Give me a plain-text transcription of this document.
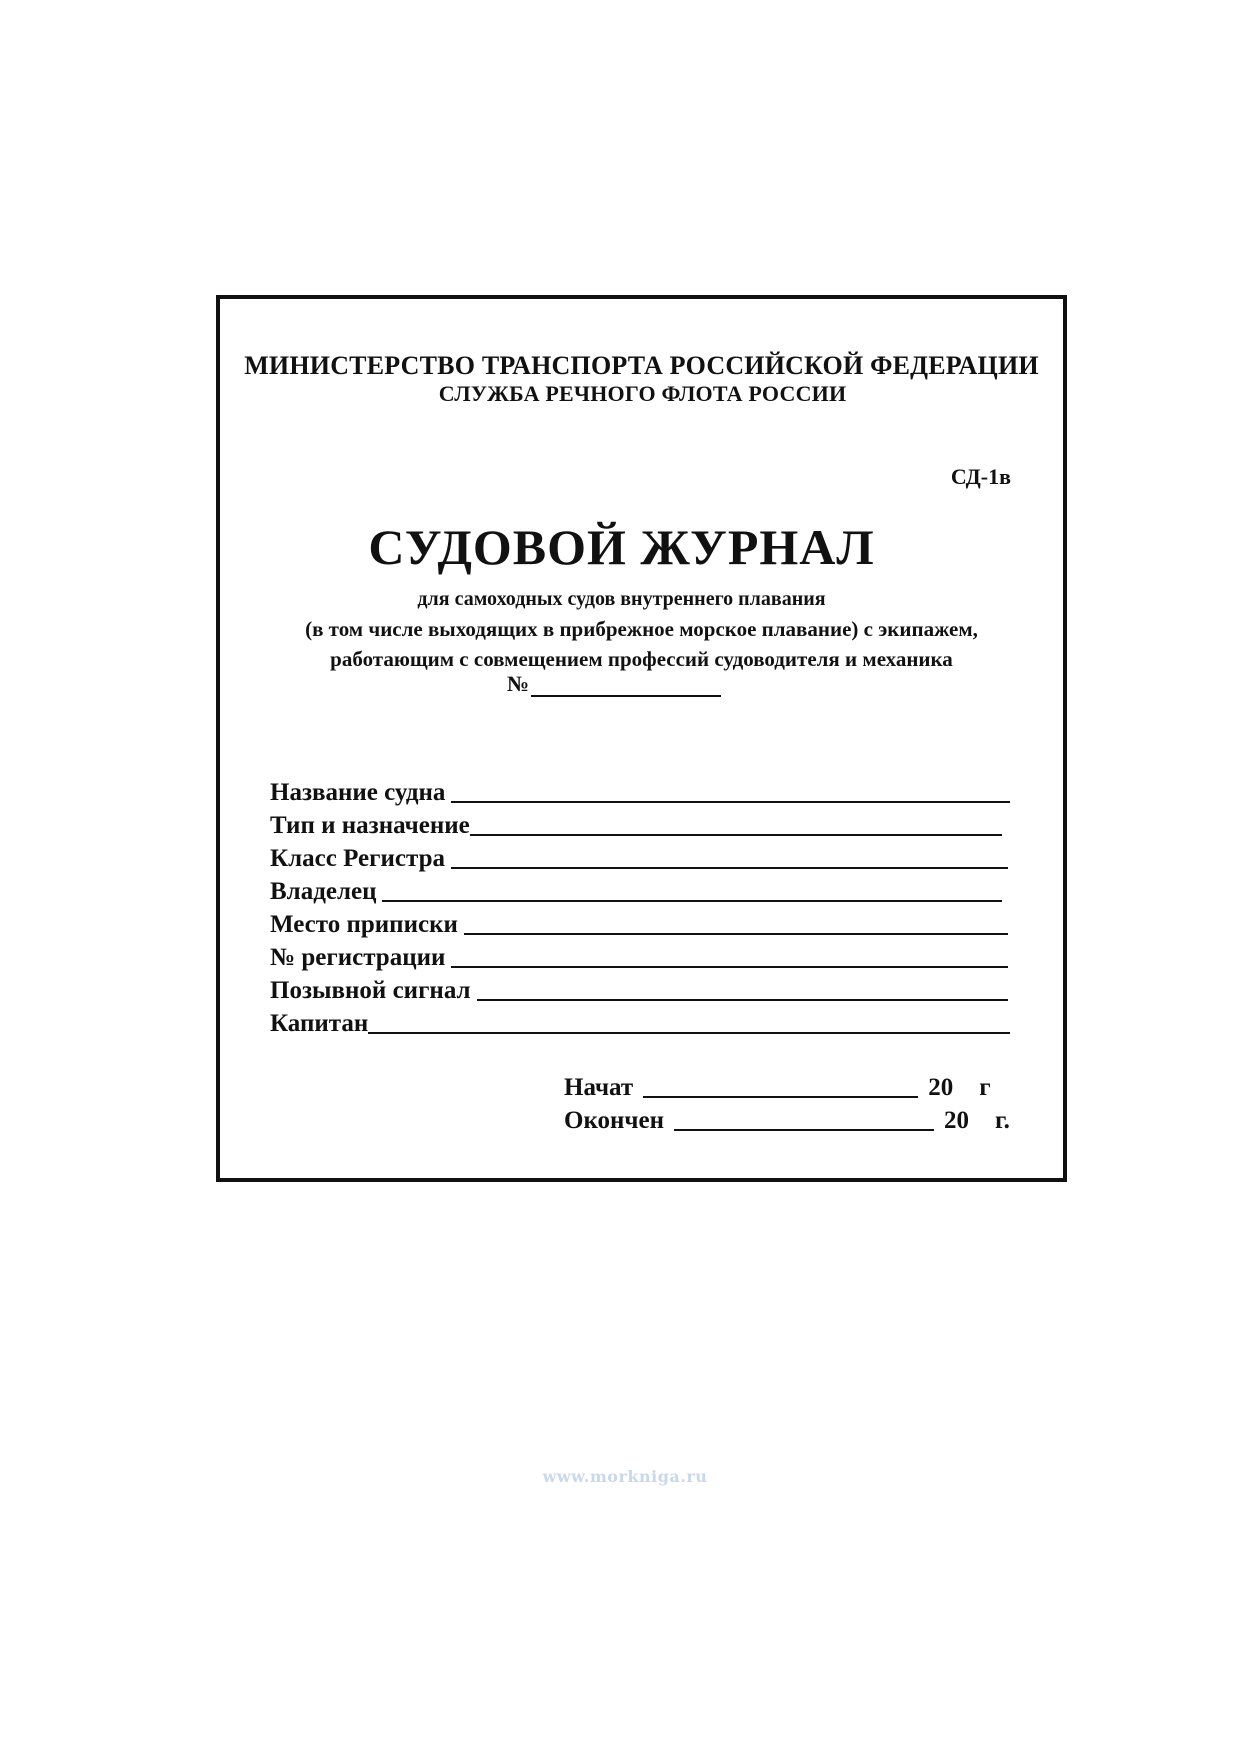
МИНИСТЕРСТВО ТРАНСПОРТА РОССИЙСКОЙ ФЕДЕРАЦИИ
СЛУЖБА РЕЧНОГО ФЛОТА РОССИИ
СД-1в
СУДОВОЙ ЖУРНАЛ
для самоходных судов внутреннего плавания
(в том числе выходящих в прибрежное морское плавание) с экипажем,
работающим с совмещением профессий судоводителя и механика
№
Название судна
Тип и назначение
Класс Регистра
Владелец
Место приписки
№ регистрации
Позывной сигнал
Капитан
Начат	20 г
Окончен	20 г.
www.morkniga.ru
